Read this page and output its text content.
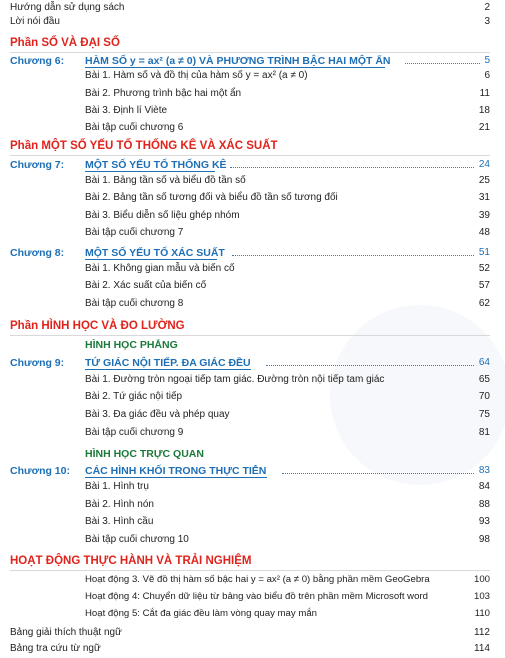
Hướng dẫn sử dụng sách	2
Lời nói đầu	3
Phần SỐ VÀ ĐẠI SỐ
Chương 6: HÀM SỐ y = ax² (a ≠ 0) VÀ PHƯƠNG TRÌNH BẬC HAI MỘT ẨN	5
Bài 1. Hàm số và đồ thị của hàm số y = ax² (a ≠ 0)	6
Bài 2. Phương trình bậc hai một ẩn	11
Bài 3. Định lí Viète	18
Bài tập cuối chương 6	21
Phần MỘT SỐ YẾU TỐ THỐNG KÊ VÀ XÁC SUẤT
Chương 7: MỘT SỐ YẾU TỐ THỐNG KÊ	24
Bài 1. Bảng tần số và biểu đồ tần số	25
Bài 2. Bảng tần số tương đối và biểu đồ tần số tương đối	31
Bài 3. Biểu diễn số liệu ghép nhóm	39
Bài tập cuối chương 7	48
Chương 8: MỘT SỐ YẾU TỐ XÁC SUẤT	51
Bài 1. Không gian mẫu và biến cố	52
Bài 2. Xác suất của biến cố	57
Bài tập cuối chương 8	62
Phần HÌNH HỌC VÀ ĐO LƯỜNG
HÌNH HỌC PHẲNG
Chương 9: TỨ GIÁC NỘI TIẾP. ĐA GIÁC ĐỀU	64
Bài 1. Đường tròn ngoại tiếp tam giác. Đường tròn nội tiếp tam giác	65
Bài 2. Tứ giác nội tiếp	70
Bài 3. Đa giác đều và phép quay	75
Bài tập cuối chương 9	81
HÌNH HỌC TRỰC QUAN
Chương 10: CÁC HÌNH KHỐI TRONG THỰC TIỄN	83
Bài 1. Hình trụ	84
Bài 2. Hình nón	88
Bài 3. Hình cầu	93
Bài tập cuối chương 10	98
HOẠT ĐỘNG THỰC HÀNH VÀ TRẢI NGHIỆM
Hoạt động 3. Vẽ đồ thị hàm số bậc hai y = ax² (a ≠ 0) bằng phần mềm GeoGebra	100
Hoạt động 4: Chuyển dữ liệu từ bảng vào biểu đồ trên phần mềm Microsoft word	103
Hoạt động 5: Cắt đa giác đều làm vòng quay may mắn	110
Bảng giải thích thuật ngữ	112
Bảng tra cứu từ ngữ	114
